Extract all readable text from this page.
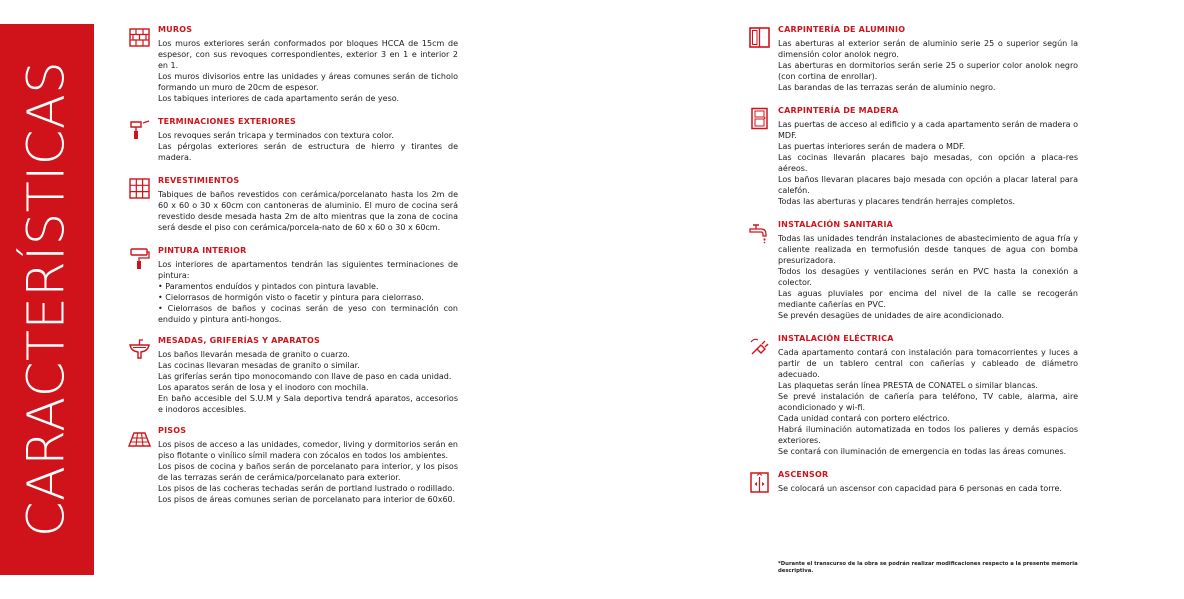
CARACTERÍSTICAS
MUROS

Los muros exteriores serán conformados por bloques HCCA de 15cm de espesor, con sus revoques correspondientes, exterior 3 en 1 e interior 2 en 1.

Los muros divisorios entre las unidades y áreas comunes serán de ticholo formando un muro de 20cm de espesor.

Los tabiques interiores de cada apartamento serán de yeso.

TERMINACIONES EXTERIORES

Los revoques serán tricapa y terminados con textura color.

Las pérgolas exteriores serán de estructura de hierro y tirantes de madera.

REVESTIMIENTOS

Tabiques de baños revestidos con cerámica/porcelanato hasta los 2m de 60 x 60 o 30 x 60cm con cantoneras de aluminio. El muro de cocina será revestido desde mesada hasta 2m de alto mientras que la zona de cocina será desde el piso con cerámica/porcela-nato de 60 x 60 o 30 x 60cm.

PINTURA INTERIOR

Los interiores de apartamentos tendrán las siguientes terminaciones de pintura:

• Paramentos enduídos y pintados con pintura lavable.

• Cielorrasos de hormigón visto o facetir y pintura para cielorraso.

• Cielorrasos de baños y cocinas serán de yeso con terminación con enduido y pintura anti-hongos.

MESADAS, GRIFERÍAS Y APARATOS

Los baños llevarán mesada de granito o cuarzo.

Las cocinas llevaran mesadas de granito o similar.

Las griferías serán tipo monocomando con llave de paso en cada unidad.

Los aparatos serán de losa y el inodoro con mochila.

En baño accesible del S.U.M y Sala deportiva tendrá aparatos, accesorios e inodoros accesibles.

PISOS

Los pisos de acceso a las unidades, comedor, living y dormitorios serán en piso flotante o vinílico símil madera con zócalos en todos los ambientes.

Los pisos de cocina y baños serán de porcelanato para interior, y los pisos de las terrazas serán de cerámica/porcelanato para exterior.

Los pisos de las cocheras techadas serán de portland lustrado o rodillado.

Los pisos de áreas comunes serian de porcelanato para interior de 60x60.

CARPINTERÍA DE ALUMINIO

Las aberturas al exterior serán de aluminio serie 25 o superior según la dimensión color anolok negro.

Las aberturas en dormitorios serán serie 25 o superior color anolok negro (con cortina de enrollar).

Las barandas de las terrazas serán de aluminio negro.

CARPINTERÍA DE MADERA

Las puertas de acceso al edificio y a cada apartamento serán de madera o MDF.

Las puertas interiores serán de madera o MDF.

Las cocinas llevarán placares bajo mesadas, con opción a placa-res aéreos.

Los baños llevaran placares bajo mesada con opción a placar lateral para calefón.

Todas las aberturas y placares tendrán herrajes completos.

INSTALACIÓN SANITARIA

Todas las unidades tendrán instalaciones de abastecimiento de agua fría y caliente realizada en termofusión desde tanques de agua con bomba presurizadora.

Todos los desagües y ventilaciones serán en PVC hasta la conexión a colector.

Las aguas pluviales por encima del nivel de la calle se recogerán mediante cañerías en PVC.

Se prevén desagües de unidades de aire acondicionado.

INSTALACIÓN ELÉCTRICA

Cada apartamento contará con instalación para tomacorrientes y luces a partir de un tablero central con cañerías y cableado de diámetro adecuado.

Las plaquetas serán línea PRESTA de CONATEL o similar blancas.

Se prevé instalación de cañería para teléfono, TV cable, alarma, aire acondicionado y wi-fi.

Cada unidad contará con portero eléctrico.

Habrá iluminación automatizada en todos los palieres y demás espacios exteriores.

Se contará con iluminación de emergencia en todas las áreas comunes.

ASCENSOR

Se colocará un ascensor con capacidad para 6 personas en cada torre.

*Durante el transcurso de la obra se podrán realizar modificaciones respecto a la presente memoria descriptiva.
